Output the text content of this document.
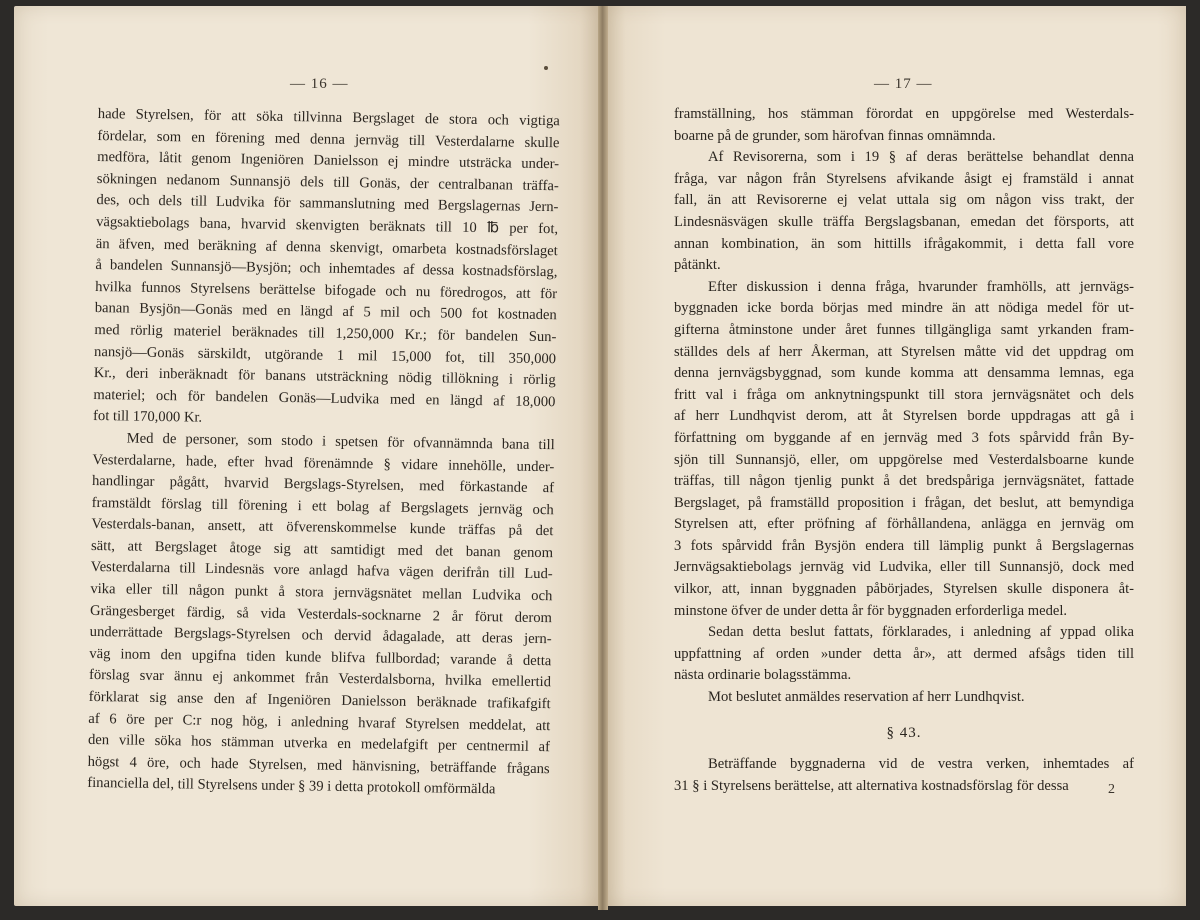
— 16 —
hade Styrelsen, för att söka tillvinna Bergslaget de stora och vigtiga
fördelar, som en förening med denna jernväg till Vesterdalarne skulle
medföra, låtit genom Ingeniören Danielsson ej mindre utsträcka under-
sökningen nedanom Sunnansjö dels till Gonäs, der centralbanan träffa-
des, och dels till Ludvika för sammanslutning med Bergslagernas Jern-
vägsaktiebolags bana, hvarvid skenvigten beräknats till 10 ℔ per fot,
än äfven, med beräkning af denna skenvigt, omarbeta kostnadsförslaget
å bandelen Sunnansjö—Bysjön; och inhemtades af dessa kostnadsförslag,
hvilka funnos Styrelsens berättelse bifogade och nu föredrogos, att för
banan Bysjön—Gonäs med en längd af 5 mil och 500 fot kostnaden
med rörlig materiel beräknades till 1,250,000 Kr.; för bandelen Sun-
nansjö—Gonäs särskildt, utgörande 1 mil 15,000 fot, till 350,000
Kr., deri inberäknadt för banans utsträckning nödig tillökning i rörlig
materiel; och för bandelen Gonäs—Ludvika med en längd af 18,000
fot till 170,000 Kr.
Med de personer, som stodo i spetsen för ofvannämnda bana till
Vesterdalarne, hade, efter hvad förenämnde § vidare innehölle, under-
handlingar pågått, hvarvid Bergslags-Styrelsen, med förkastande af
framstäldt förslag till förening i ett bolag af Bergslagets jernväg och
Vesterdals-banan, ansett, att öfverenskommelse kunde träffas på det
sätt, att Bergslaget åtoge sig att samtidigt med det banan genom
Vesterdalarna till Lindesnäs vore anlagd hafva vägen derifrån till Lud-
vika eller till någon punkt å stora jernvägsnätet mellan Ludvika och
Grängesberget färdig, så vida Vesterdals-socknarne 2 år förut derom
underrättade Bergslags-Styrelsen och dervid ådagalade, att deras jern-
väg inom den upgifna tiden kunde blifva fullbordad; varande å detta
förslag svar ännu ej ankommet från Vesterdalsborna, hvilka emellertid
förklarat sig anse den af Ingeniören Danielsson beräknade trafikafgift
af 6 öre per C:r nog hög, i anledning hvaraf Styrelsen meddelat, att
den ville söka hos stämman utverka en medelafgift per centnermil af
högst 4 öre, och hade Styrelsen, med hänvisning, beträffande frågans
financiella del, till Styrelsens under § 39 i detta protokoll omförmälda
— 17 —
framställning, hos stämman förordat en uppgörelse med Westerdals-
boarne på de grunder, som härofvan finnas omnämnda.
Af Revisorerna, som i 19 § af deras berättelse behandlat denna
fråga, var någon från Styrelsens afvikande åsigt ej framstäld i annat
fall, än att Revisorerne ej velat uttala sig om någon viss trakt, der
Lindesnäsvägen skulle träffa Bergslagsbanan, emedan det försports, att
annan kombination, än som hittills ifrågakommit, i detta fall vore
påtänkt.
Efter diskussion i denna fråga, hvarunder framhölls, att jernvägs-
byggnaden icke borda börjas med mindre än att nödiga medel för ut-
gifterna åtminstone under året funnes tillgängliga samt yrkanden fram-
ställdes dels af herr Åkerman, att Styrelsen måtte vid det uppdrag om
denna jernvägsbyggnad, som kunde komma att densamma lemnas, ega
fritt val i fråga om anknytningspunkt till stora jernvägsnätet och dels
af herr Lundhqvist derom, att åt Styrelsen borde uppdragas att gå i
författning om byggande af en jernväg med 3 fots spårvidd från By-
sjön till Sunnansjö, eller, om uppgörelse med Vesterdalsboarne kunde
träffas, till någon tjenlig punkt å det bredspåriga jernvägsnätet, fattade
Bergslaget, på framställd proposition i frågan, det beslut, att bemyndiga
Styrelsen att, efter pröfning af förhållandena, anlägga en jernväg om
3 fots spårvidd från Bysjön endera till lämplig punkt å Bergslagernas
Jernvägsaktiebolags jernväg vid Ludvika, eller till Sunnansjö, dock med
vilkor, att, innan byggnaden påbörjades, Styrelsen skulle disponera åt-
minstone öfver de under detta år för byggnaden erforderliga medel.
Sedan detta beslut fattats, förklarades, i anledning af yppad olika
uppfattning af orden »under detta år», att dermed afsågs tiden till
nästa ordinarie bolagsstämma.
Mot beslutet anmäldes reservation af herr Lundhqvist.
§ 43.
Beträffande byggnaderna vid de vestra verken, inhemtades af
31 § i Styrelsens berättelse, att alternativa kostnadsförslag för dessa	2
